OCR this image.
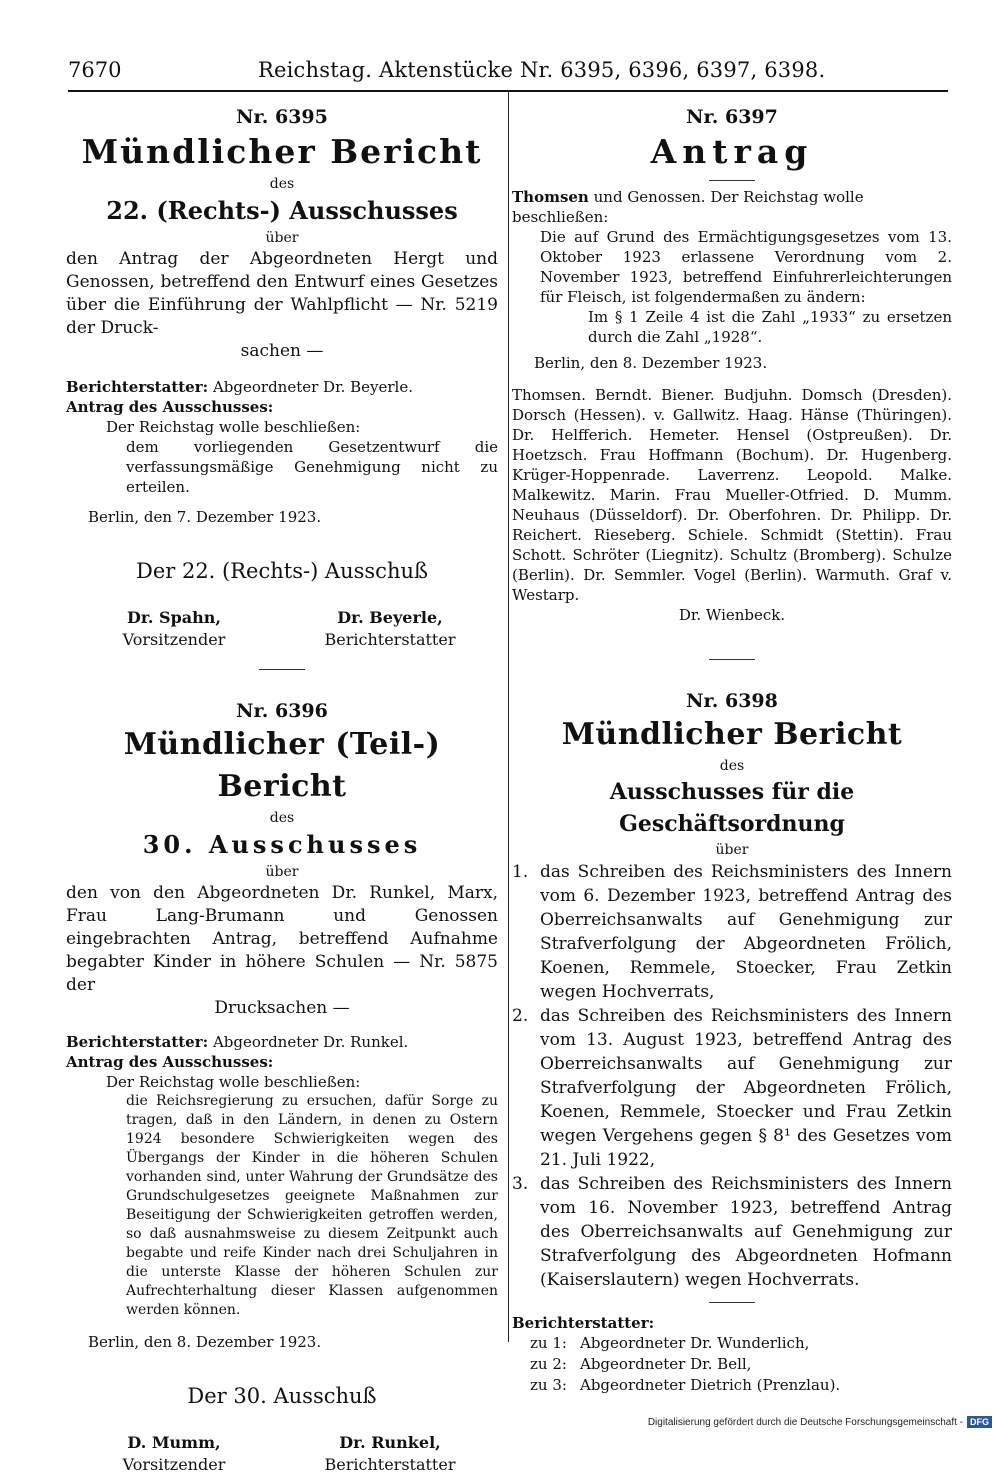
7670	Reichstag. Aktenstücke Nr. 6395, 6396, 6397, 6398.

Nr. 6395

Mündlicher Bericht

des

22. (Rechts-) Ausschusses

über

den Antrag der Abgeordneten Hergt und Genossen, betreffend den Entwurf eines Gesetzes über die Einführung der Wahlpflicht — Nr. 5219 der Druck-
sachen —

Berichterstatter: Abgeordneter Dr. Beyerle.

Antrag des Ausschusses:

Der Reichstag wolle beschließen:

dem vorliegenden Gesetzentwurf die verfassungsmäßige Genehmigung nicht zu erteilen.

Berlin, den 7. Dezember 1923.

Der 22. (Rechts-) Ausschuß

Dr. Spahn,
Vorsitzender
Dr. Beyerle,
Berichterstatter

Nr. 6396

Mündlicher (Teil-) Bericht

des

30. Ausschusses

über

den von den Abgeordneten Dr. Runkel, Marx, Frau Lang-Brumann und Genossen eingebrachten Antrag, betreffend Aufnahme begabter Kinder in höhere Schulen — Nr. 5875 der
Drucksachen —

Berichterstatter: Abgeordneter Dr. Runkel.

Antrag des Ausschusses:

Der Reichstag wolle beschließen:

die Reichsregierung zu ersuchen, dafür Sorge zu tragen, daß in den Ländern, in denen zu Ostern 1924 besondere Schwierigkeiten wegen des Übergangs der Kinder in die höheren Schulen vorhanden sind, unter Wahrung der Grundsätze des Grundschulgesetzes geeignete Maßnahmen zur Beseitigung der Schwierigkeiten getroffen werden, so daß ausnahmsweise zu diesem Zeitpunkt auch begabte und reife Kinder nach drei Schuljahren in die unterste Klasse der höheren Schulen zur Aufrechterhaltung dieser Klassen aufgenommen werden können.

Berlin, den 8. Dezember 1923.

Der 30. Ausschuß

D. Mumm,
Vorsitzender
Dr. Runkel,
Berichterstatter

Nr. 6397

Antrag

Thomsen und Genossen. Der Reichstag wolle beschließen:

Die auf Grund des Ermächtigungsgesetzes vom 13. Oktober 1923 erlassene Verordnung vom 2. November 1923, betreffend Einfuhrerleichterungen für Fleisch, ist folgendermaßen zu ändern:

Im § 1 Zeile 4 ist die Zahl „1933“ zu ersetzen durch die Zahl „1928“.

Berlin, den 8. Dezember 1923.

Thomsen. Berndt. Biener. Budjuhn. Domsch (Dresden). Dorsch (Hessen). v. Gallwitz. Haag. Hänse (Thüringen). Dr. Helfferich. Hemeter. Hensel (Ostpreußen). Dr. Hoetzsch. Frau Hoffmann (Bochum). Dr. Hugenberg. Krüger-Hoppenrade. Laverrenz. Leopold. Malke. Malkewitz. Marin. Frau Mueller-Otfried. D. Mumm. Neuhaus (Düsseldorf). Dr. Oberfohren. Dr. Philipp. Dr. Reichert. Rieseberg. Schiele. Schmidt (Stettin). Frau Schott. Schröter (Liegnitz). Schultz (Bromberg). Schulze (Berlin). Dr. Semmler. Vogel (Berlin). Warmuth. Graf v. Westarp.

Dr. Wienbeck.

Nr. 6398

Mündlicher Bericht

des

Ausschusses für die Geschäftsordnung

über

1. das Schreiben des Reichsministers des Innern vom 6. Dezember 1923, betreffend Antrag des Oberreichsanwalts auf Genehmigung zur Strafverfolgung der Abgeordneten Frölich, Koenen, Remmele, Stoecker, Frau Zetkin wegen Hochverrats,
2. das Schreiben des Reichsministers des Innern vom 13. August 1923, betreffend Antrag des Oberreichsanwalts auf Genehmigung zur Strafverfolgung der Abgeordneten Frölich, Koenen, Remmele, Stoecker und Frau Zetkin wegen Vergehens gegen § 8¹ des Gesetzes vom 21. Juli 1922,
3. das Schreiben des Reichsministers des Innern vom 16. November 1923, betreffend Antrag des Oberreichsanwalts auf Genehmigung zur Strafverfolgung des Abgeordneten Hofmann (Kaiserslautern) wegen Hochverrats.

Berichterstatter:

zu 1: Abgeordneter Dr. Wunderlich,
zu 2: Abgeordneter Dr. Bell,
zu 3: Abgeordneter Dietrich (Prenzlau).
Digitalisierung gefördert durch die Deutsche Forschungsgemeinschaft - DFG
